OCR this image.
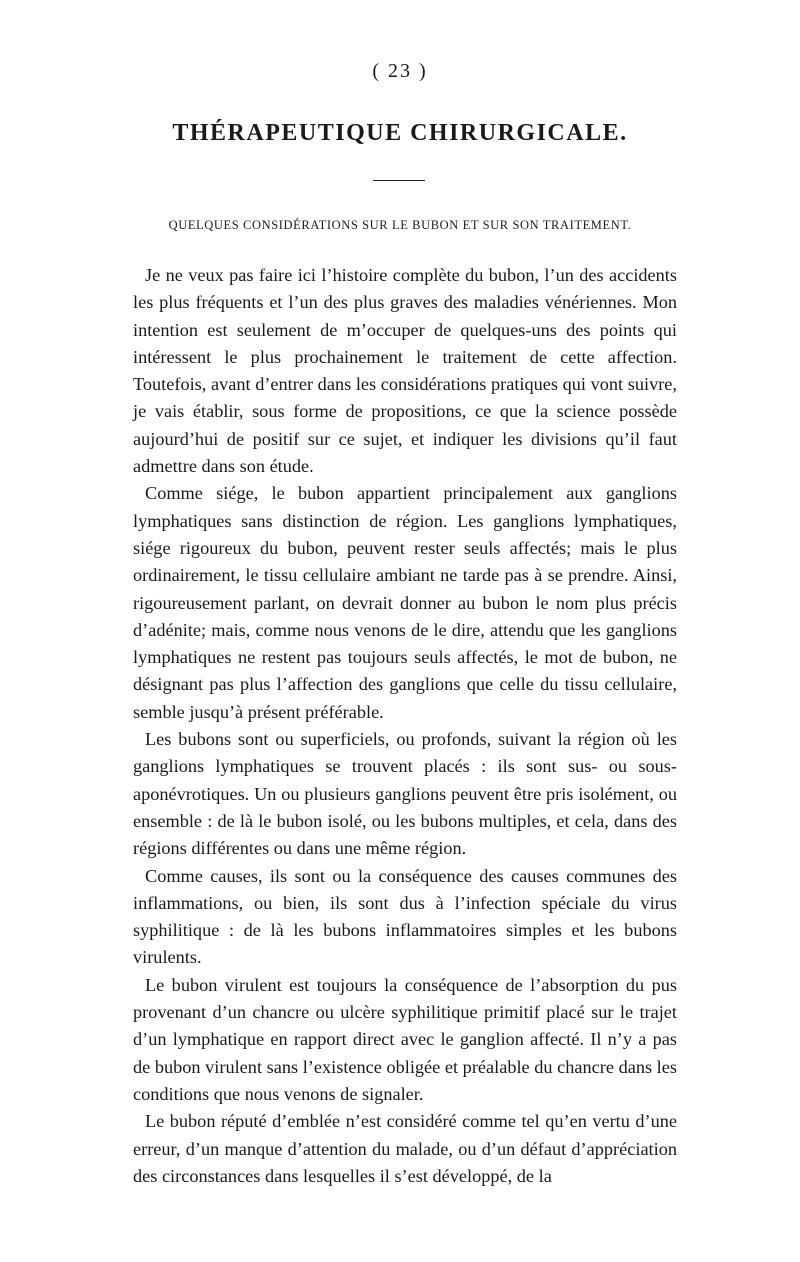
( 23 )
THÉRAPEUTIQUE CHIRURGICALE.
QUELQUES CONSIDÉRATIONS SUR LE BUBON ET SUR SON TRAITEMENT.

Je ne veux pas faire ici l’histoire complète du bubon, l’un des accidents les plus fréquents et l’un des plus graves des maladies vénériennes. Mon intention est seulement de m’occuper de quelques-uns des points qui intéressent le plus prochainement le traitement de cette affection. Toutefois, avant d’entrer dans les considérations pratiques qui vont suivre, je vais établir, sous forme de propositions, ce que la science possède aujourd’hui de positif sur ce sujet, et indiquer les divisions qu’il faut admettre dans son étude.

Comme siége, le bubon appartient principalement aux ganglions lymphatiques sans distinction de région. Les ganglions lymphatiques, siége rigoureux du bubon, peuvent rester seuls affectés; mais le plus ordinairement, le tissu cellulaire ambiant ne tarde pas à se prendre. Ainsi, rigoureusement parlant, on devrait donner au bubon le nom plus précis d’adénite; mais, comme nous venons de le dire, attendu que les ganglions lymphatiques ne restent pas toujours seuls affectés, le mot de bubon, ne désignant pas plus l’affection des ganglions que celle du tissu cellulaire, semble jusqu’à présent préférable.

Les bubons sont ou superficiels, ou profonds, suivant la région où les ganglions lymphatiques se trouvent placés : ils sont sus- ou sous-aponévrotiques. Un ou plusieurs ganglions peuvent être pris isolément, ou ensemble : de là le bubon isolé, ou les bubons multiples, et cela, dans des régions différentes ou dans une même région.

Comme causes, ils sont ou la conséquence des causes communes des inflammations, ou bien, ils sont dus à l’infection spéciale du virus syphilitique : de là les bubons inflammatoires simples et les bubons virulents.

Le bubon virulent est toujours la conséquence de l’absorption du pus provenant d’un chancre ou ulcère syphilitique primitif placé sur le trajet d’un lymphatique en rapport direct avec le ganglion affecté. Il n’y a pas de bubon virulent sans l’existence obligée et préalable du chancre dans les conditions que nous venons de signaler.

Le bubon réputé d’emblée n’est considéré comme tel qu’en vertu d’une erreur, d’un manque d’attention du malade, ou d’un défaut d’appréciation des circonstances dans lesquelles il s’est développé, de la
